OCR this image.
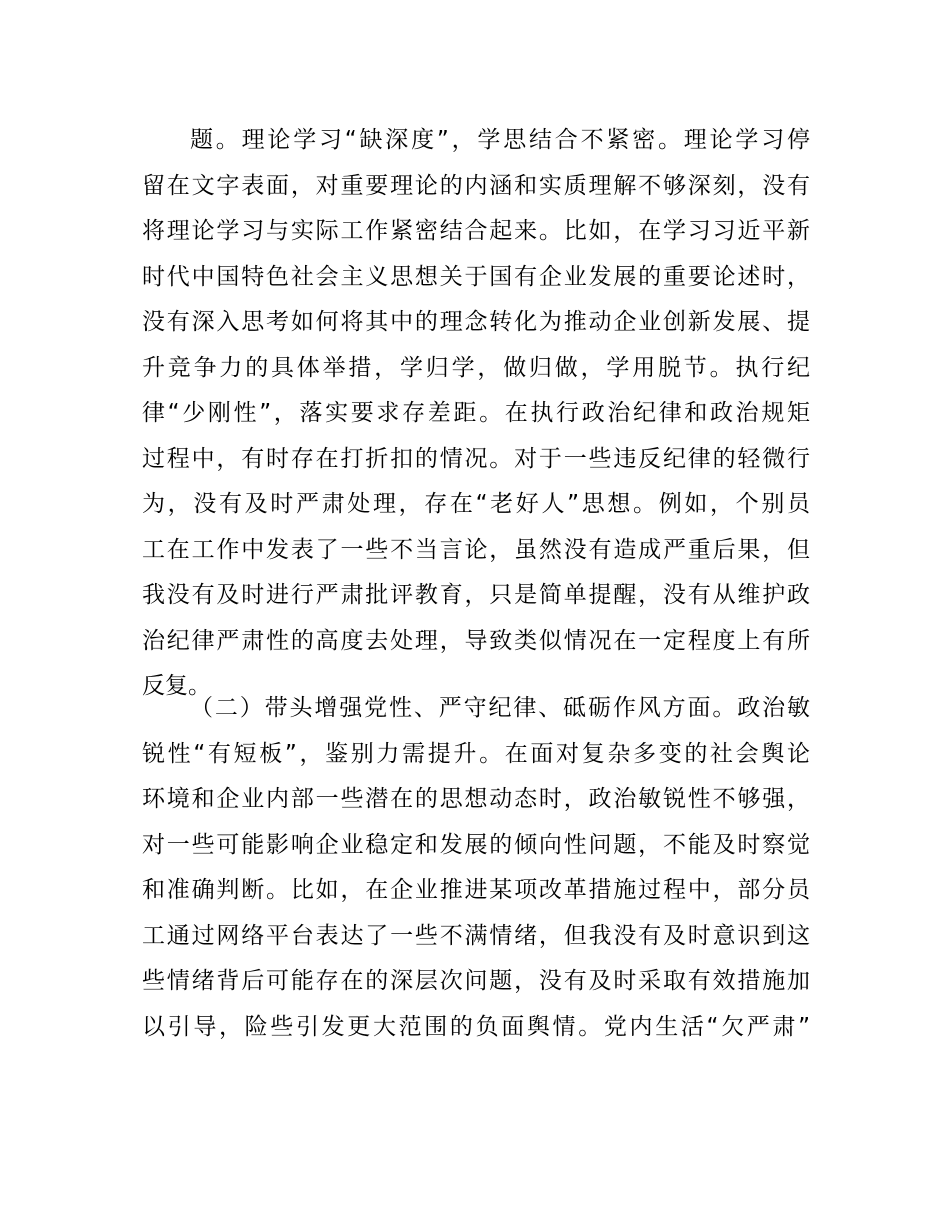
题。理论学习“缺深度”，学思结合不紧密。理论学习停
留在文字表面，对重要理论的内涵和实质理解不够深刻，没有
将理论学习与实际工作紧密结合起来。比如，在学习习近平新
时代中国特色社会主义思想关于国有企业发展的重要论述时，
没有深入思考如何将其中的理念转化为推动企业创新发展、提
升竞争力的具体举措，学归学，做归做，学用脱节。执行纪
律“少刚性”，落实要求存差距。在执行政治纪律和政治规矩
过程中，有时存在打折扣的情况。对于一些违反纪律的轻微行
为，没有及时严肃处理，存在“老好人”思想。例如，个别员
工在工作中发表了一些不当言论，虽然没有造成严重后果，但
我没有及时进行严肃批评教育，只是简单提醒，没有从维护政
治纪律严肃性的高度去处理，导致类似情况在一定程度上有所
反复。
（二）带头增强党性、严守纪律、砥砺作风方面。政治敏
锐性“有短板”，鉴别力需提升。在面对复杂多变的社会舆论
环境和企业内部一些潜在的思想动态时，政治敏锐性不够强，
对一些可能影响企业稳定和发展的倾向性问题，不能及时察觉
和准确判断。比如，在企业推进某项改革措施过程中，部分员
工通过网络平台表达了一些不满情绪，但我没有及时意识到这
些情绪背后可能存在的深层次问题，没有及时采取有效措施加
以引导，险些引发更大范围的负面舆情。党内生活“欠严肃”
